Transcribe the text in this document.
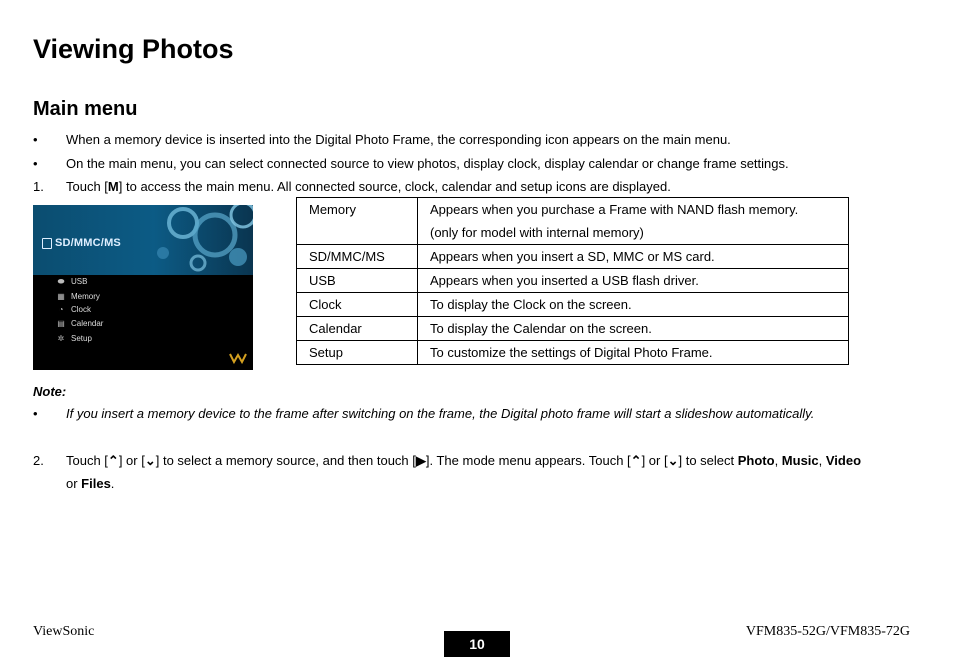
Viewing Photos
Main menu
• When a memory device is inserted into the Digital Photo Frame, the corresponding icon appears on the main menu.
• On the main menu, you can select connected source to view photos, display clock, display calendar or change frame settings.
1. Touch [M] to access the main menu. All connected source, clock, calendar and setup icons are displayed.
SD/MMC/MS
⬬ USB
▦ Memory
◔ Clock
▤ Calendar
✲ Setup
Memory	Appears when you purchase a Frame with NAND flash memory.
(only for model with internal memory)

SD/MMC/MS	Appears when you insert a SD, MMC or MS card.
USB	Appears when you inserted a USB flash driver.
Clock	To display the Clock on the screen.
Calendar	To display the Calendar on the screen.
Setup	To customize the settings of Digital Photo Frame.
Note:
• If you insert a memory device to the frame after switching on the frame, the Digital photo frame will start a slideshow automatically.
2. Touch [⌃] or [⌄] to select a memory source, and then touch [▶]. The mode menu appears. Touch [⌃] or [⌄] to select Photo, Music, Video
or Files.
ViewSonic
10
VFM835-52G/VFM835-72G
